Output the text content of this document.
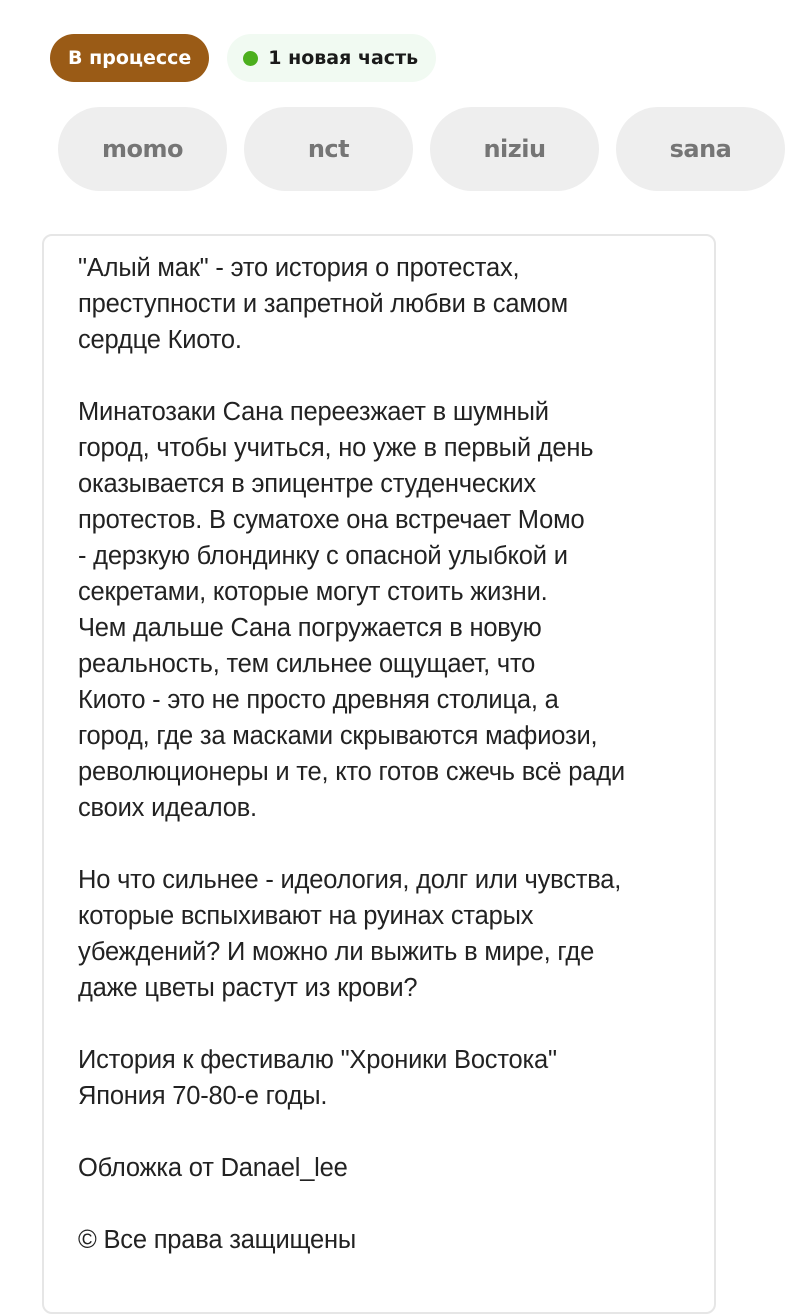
В процессе	1 новая часть
momo	nct	niziu	sana

"Алый мак" - это история о протестах,
преступности и запретной любви в самом
сердце Киото.

Минатозаки Сана переезжает в шумный
город, чтобы учиться, но уже в первый день
оказывается в эпицентре студенческих
протестов. В суматохе она встречает Момо
- дерзкую блондинку с опасной улыбкой и
секретами, которые могут стоить жизни.
Чем дальше Сана погружается в новую
реальность, тем сильнее ощущает, что
Киото - это не просто древняя столица, а
город, где за масками скрываются мафиози,
революционеры и те, кто готов сжечь всё ради
своих идеалов.

Но что сильнее - идеология, долг или чувства,
которые вспыхивают на руинах старых
убеждений? И можно ли выжить в мире, где
даже цветы растут из крови?

История к фестивалю "Хроники Востока"
Япония 70-80-е годы.

Обложка от Danael_lee

© Все права защищены
